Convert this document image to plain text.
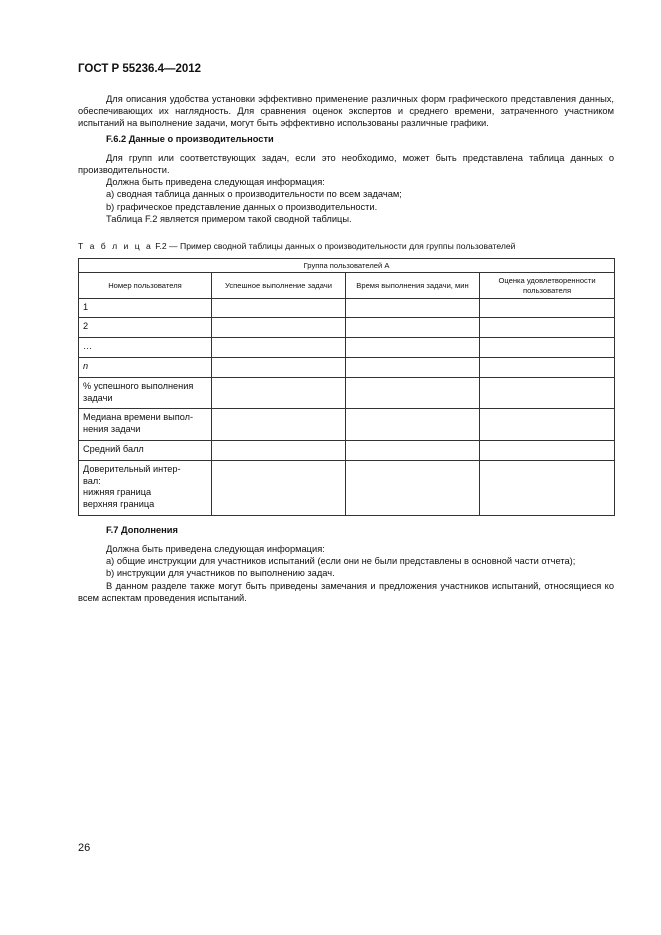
ГОСТ Р 55236.4—2012

Для описания удобства установки эффективно применение различных форм графического представления данных, обеспечивающих их наглядность. Для сравнения оценок экспертов и среднего времени, затраченного участником испытаний на выполнение задачи, могут быть эффективно использованы различные графики.

F.6.2 Данные о производительности

Для групп или соответствующих задач, если это необходимо, может быть представлена таблица данных о производительности.

Должна быть приведена следующая информация:
a) сводная таблица данных о производительности по всем задачам;
b) графическое представление данных о производительности.
Таблица F.2 является примером такой сводной таблицы.
Т а б л и ц а F.2 — Пример сводной таблицы данных о производительности для группы пользователей
Группа пользователей А			
Номер пользователя	Успешное выполнение задачи	Время выполнения задачи, мин	Оценка удовлетворенности пользователя
1			
2			
…			
n			
% успешного выполнения задачи			

Медиана времени выпол-
нения задачи			

Средний балл			

Доверительный интер-
вал:
нижняя граница
верхняя граница			

F.7 Дополнения
Должна быть приведена следующая информация:
a) общие инструкции для участников испытаний (если они не были представлены в основной части отчета);
b) инструкции для участников по выполнению задач.

В данном разделе также могут быть приведены замечания и предложения участников испытаний, относящиеся ко всем аспектам проведения испытаний.

26
